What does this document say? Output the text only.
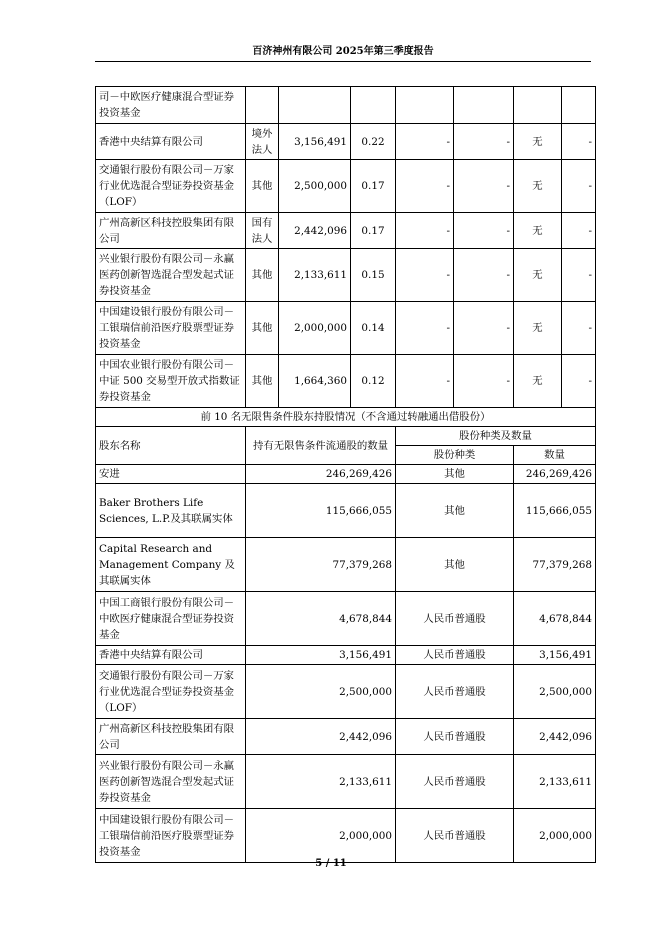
百济神州有限公司 2025年第三季度报告
司－中欧医疗健康混合型证券投资基金							
香港中央结算有限公司	境外法人	3,156,491	0.22	-	-	无	-
交通银行股份有限公司－万家行业优选混合型证券投资基金（LOF）	其他	2,500,000	0.17	-	-	无	-
广州高新区科技控股集团有限公司	国有法人	2,442,096	0.17	-	-	无	-
兴业银行股份有限公司－永赢医药创新智选混合型发起式证券投资基金	其他	2,133,611	0.15	-	-	无	-
中国建设银行股份有限公司－工银瑞信前沿医疗股票型证券投资基金	其他	2,000,000	0.14	-	-	无	-
中国农业银行股份有限公司－中证 500 交易型开放式指数证券投资基金	其他	1,664,360	0.12	-	-	无	-
前 10 名无限售条件股东持股情况（不含通过转融通出借股份）							
股东名称	持有无限售条件流通股的数量			股份种类及数量			
				股份种类		数量	
安进	246,269,426			其他		246,269,426	
Baker Brothers Life Sciences, L.P.及其联属实体	115,666,055			其他		115,666,055	
Capital Research and Management Company 及其联属实体	77,379,268			其他		77,379,268	
中国工商银行股份有限公司－中欧医疗健康混合型证券投资基金	4,678,844			人民币普通股		4,678,844	
香港中央结算有限公司	3,156,491			人民币普通股		3,156,491	
交通银行股份有限公司－万家行业优选混合型证券投资基金（LOF）	2,500,000			人民币普通股		2,500,000	
广州高新区科技控股集团有限公司	2,442,096			人民币普通股		2,442,096	
兴业银行股份有限公司－永赢医药创新智选混合型发起式证券投资基金	2,133,611			人民币普通股		2,133,611	
中国建设银行股份有限公司－工银瑞信前沿医疗股票型证券投资基金	2,000,000			人民币普通股		2,000,000	
5 / 11
